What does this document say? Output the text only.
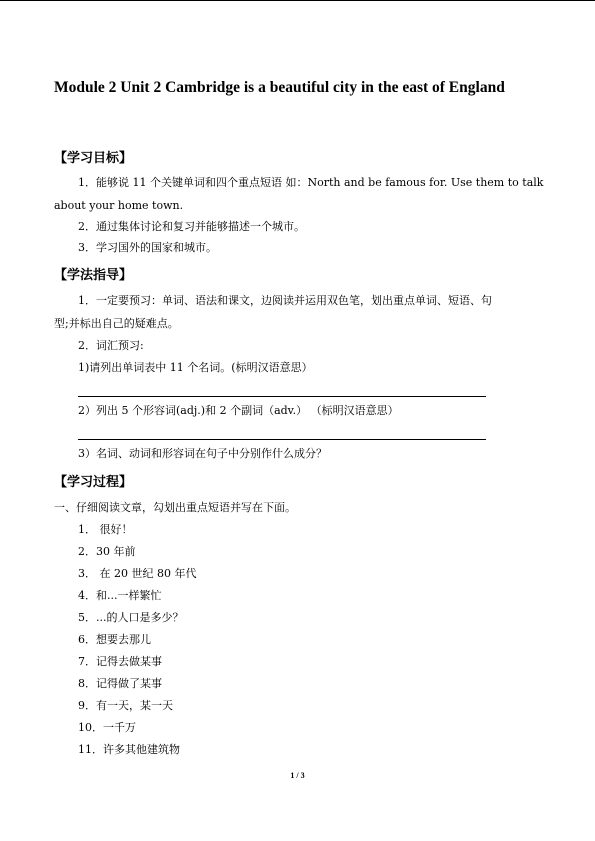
Module 2 Unit 2 Cambridge is a beautiful city in the east of England
【学习目标】
1．能够说 11 个关键单词和四个重点短语 如：North and be famous for. Use them to talk
about your home town.
2．通过集体讨论和复习并能够描述一个城市。
3．学习国外的国家和城市。
【学法指导】
1．一定要预习：单词、语法和课文，边阅读并运用双色笔，划出重点单词、短语、句
型;并标出自己的疑难点。
2．词汇预习:
1)请列出单词表中 11 个名词。(标明汉语意思）
2）列出 5 个形容词(adj.)和 2 个副词（adv.） （标明汉语意思）
3）名词、动词和形容词在句子中分别作什么成分？
【学习过程】
一、仔细阅读文章，勾划出重点短语并写在下面。
1． 很好！
2．30 年前
3． 在 20 世纪 80 年代
4．和...一样繁忙
5．...的人口是多少？
6．想要去那儿
7．记得去做某事
8．记得做了某事
9．有一天，某一天
10．一千万
11．许多其他建筑物
1 / 3
